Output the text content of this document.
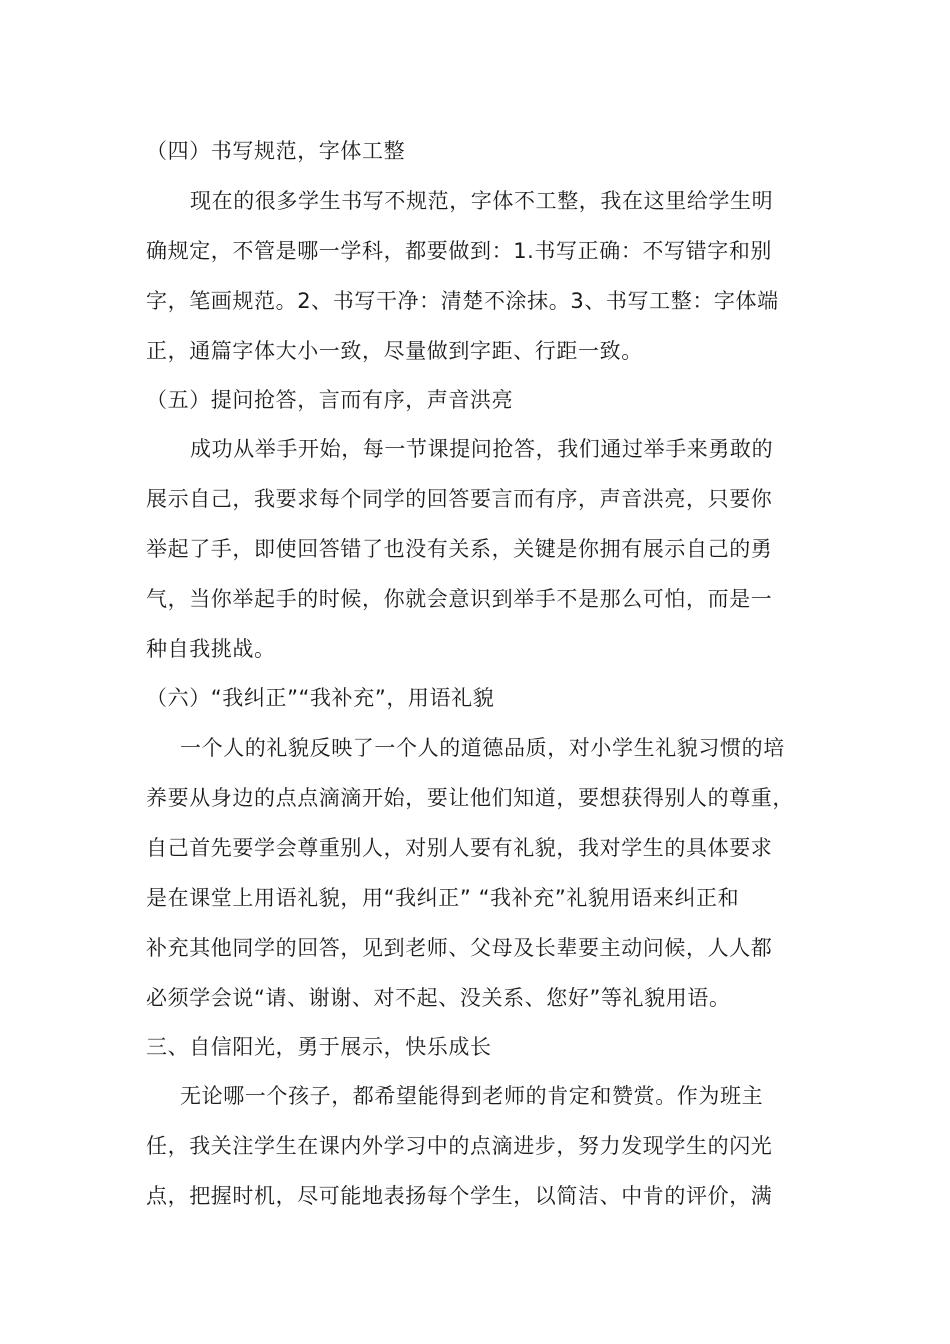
（四）书写规范，字体工整
现在的很多学生书写不规范，字体不工整，我在这里给学生明
确规定，不管是哪一学科，都要做到：1.书写正确：不写错字和别
字，笔画规范。2、书写干净：清楚不涂抹。3、书写工整：字体端
正，通篇字体大小一致，尽量做到字距、行距一致。
（五）提问抢答，言而有序，声音洪亮
成功从举手开始，每一节课提问抢答，我们通过举手来勇敢的
展示自己，我要求每个同学的回答要言而有序，声音洪亮，只要你
举起了手，即使回答错了也没有关系，关键是你拥有展示自己的勇
气，当你举起手的时候，你就会意识到举手不是那么可怕，而是一
种自我挑战。
（六）“我纠正”“我补充”，用语礼貌
一个人的礼貌反映了一个人的道德品质，对小学生礼貌习惯的培
养要从身边的点点滴滴开始，要让他们知道，要想获得别人的尊重，
自己首先要学会尊重别人，对别人要有礼貌，我对学生的具体要求
是在课堂上用语礼貌，用“我纠正” “我补充”礼貌用语来纠正和
补充其他同学的回答，见到老师、父母及长辈要主动问候，人人都
必须学会说“请、谢谢、对不起、没关系、您好”等礼貌用语。
三、自信阳光，勇于展示，快乐成长
无论哪一个孩子，都希望能得到老师的肯定和赞赏。作为班主
任，我关注学生在课内外学习中的点滴进步，努力发现学生的闪光
点，把握时机，尽可能地表扬每个学生，以简洁、中肯的评价，满
